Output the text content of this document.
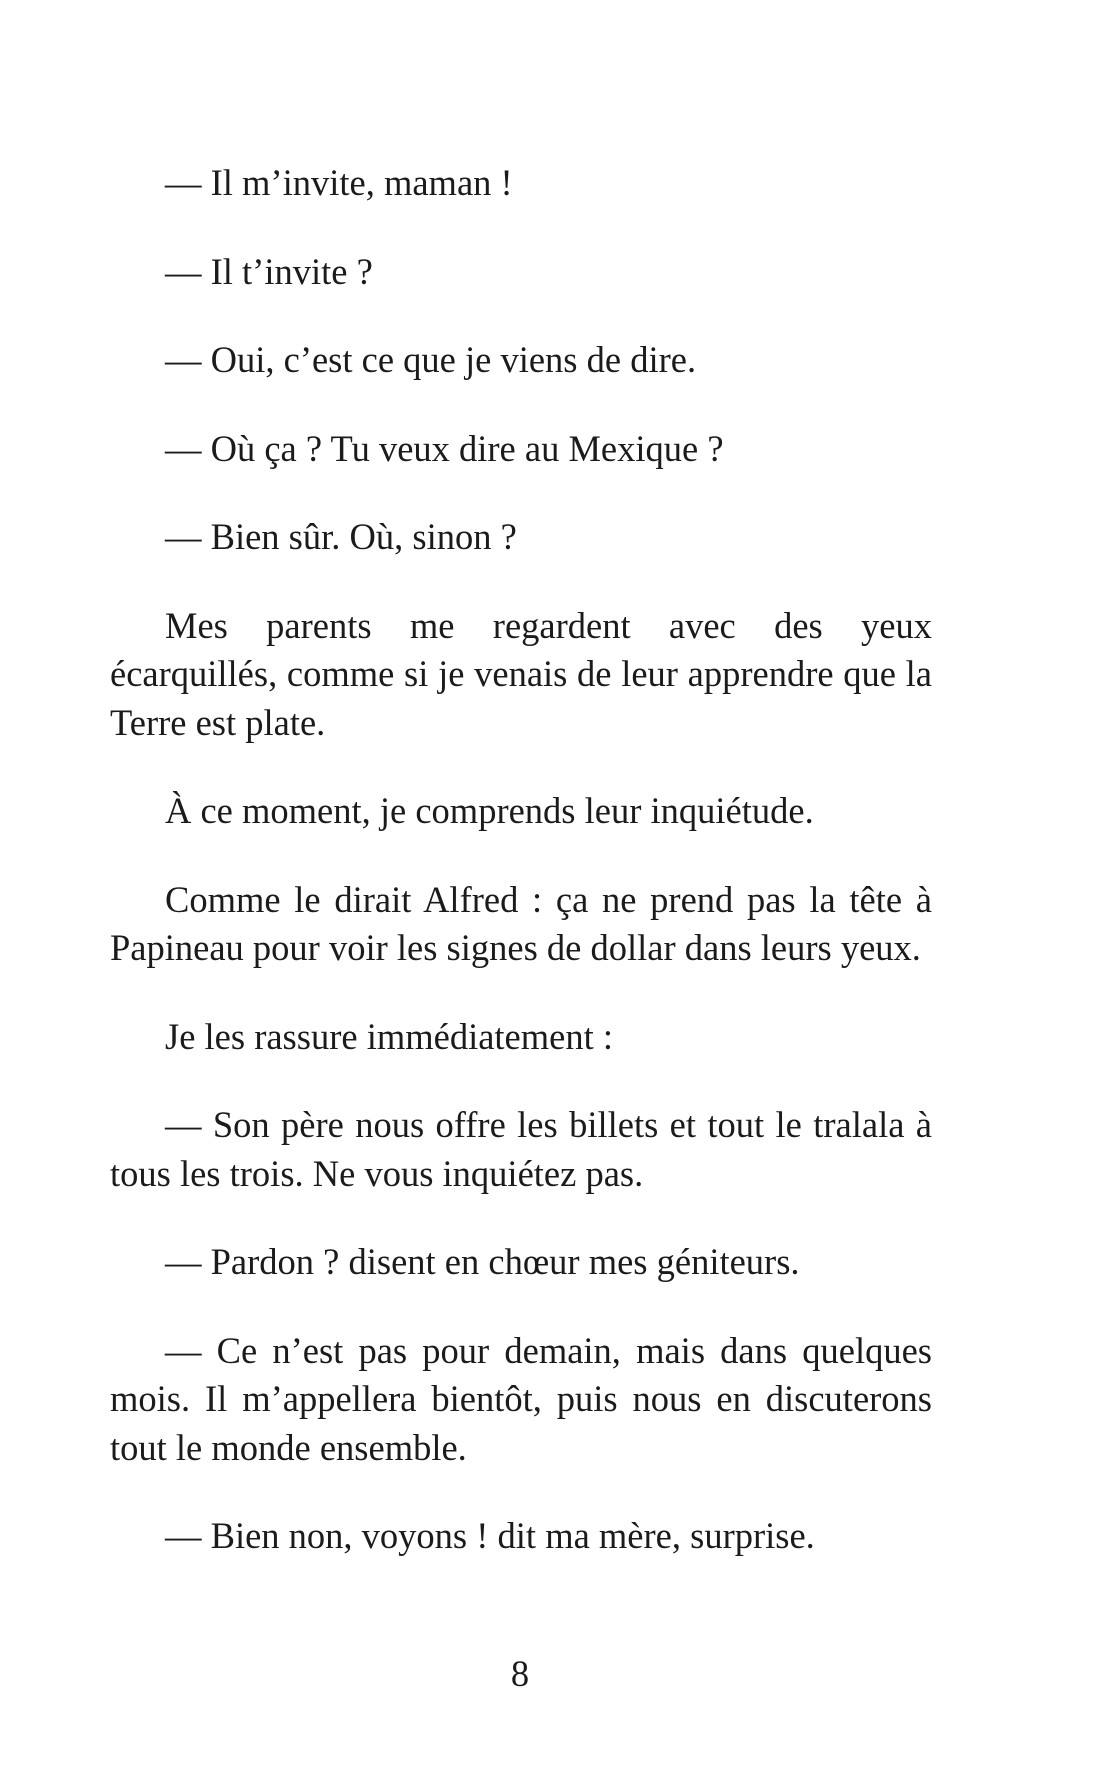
— Il m’invite, maman !

— Il t’invite ?

— Oui, c’est ce que je viens de dire.

— Où ça ? Tu veux dire au Mexique ?

— Bien sûr. Où, sinon ?

Mes parents me regardent avec des yeux écarquillés, comme si je venais de leur apprendre que la Terre est plate.

À ce moment, je comprends leur inquiétude.

Comme le dirait Alfred : ça ne prend pas la tête à Papineau pour voir les signes de dollar dans leurs yeux.

Je les rassure immédiatement :

— Son père nous offre les billets et tout le tralala à tous les trois. Ne vous inquiétez pas.

— Pardon ? disent en chœur mes géniteurs.

— Ce n’est pas pour demain, mais dans quelques mois. Il m’appellera bientôt, puis nous en discuterons tout le monde ensemble.

— Bien non, voyons ! dit ma mère, surprise.

8
